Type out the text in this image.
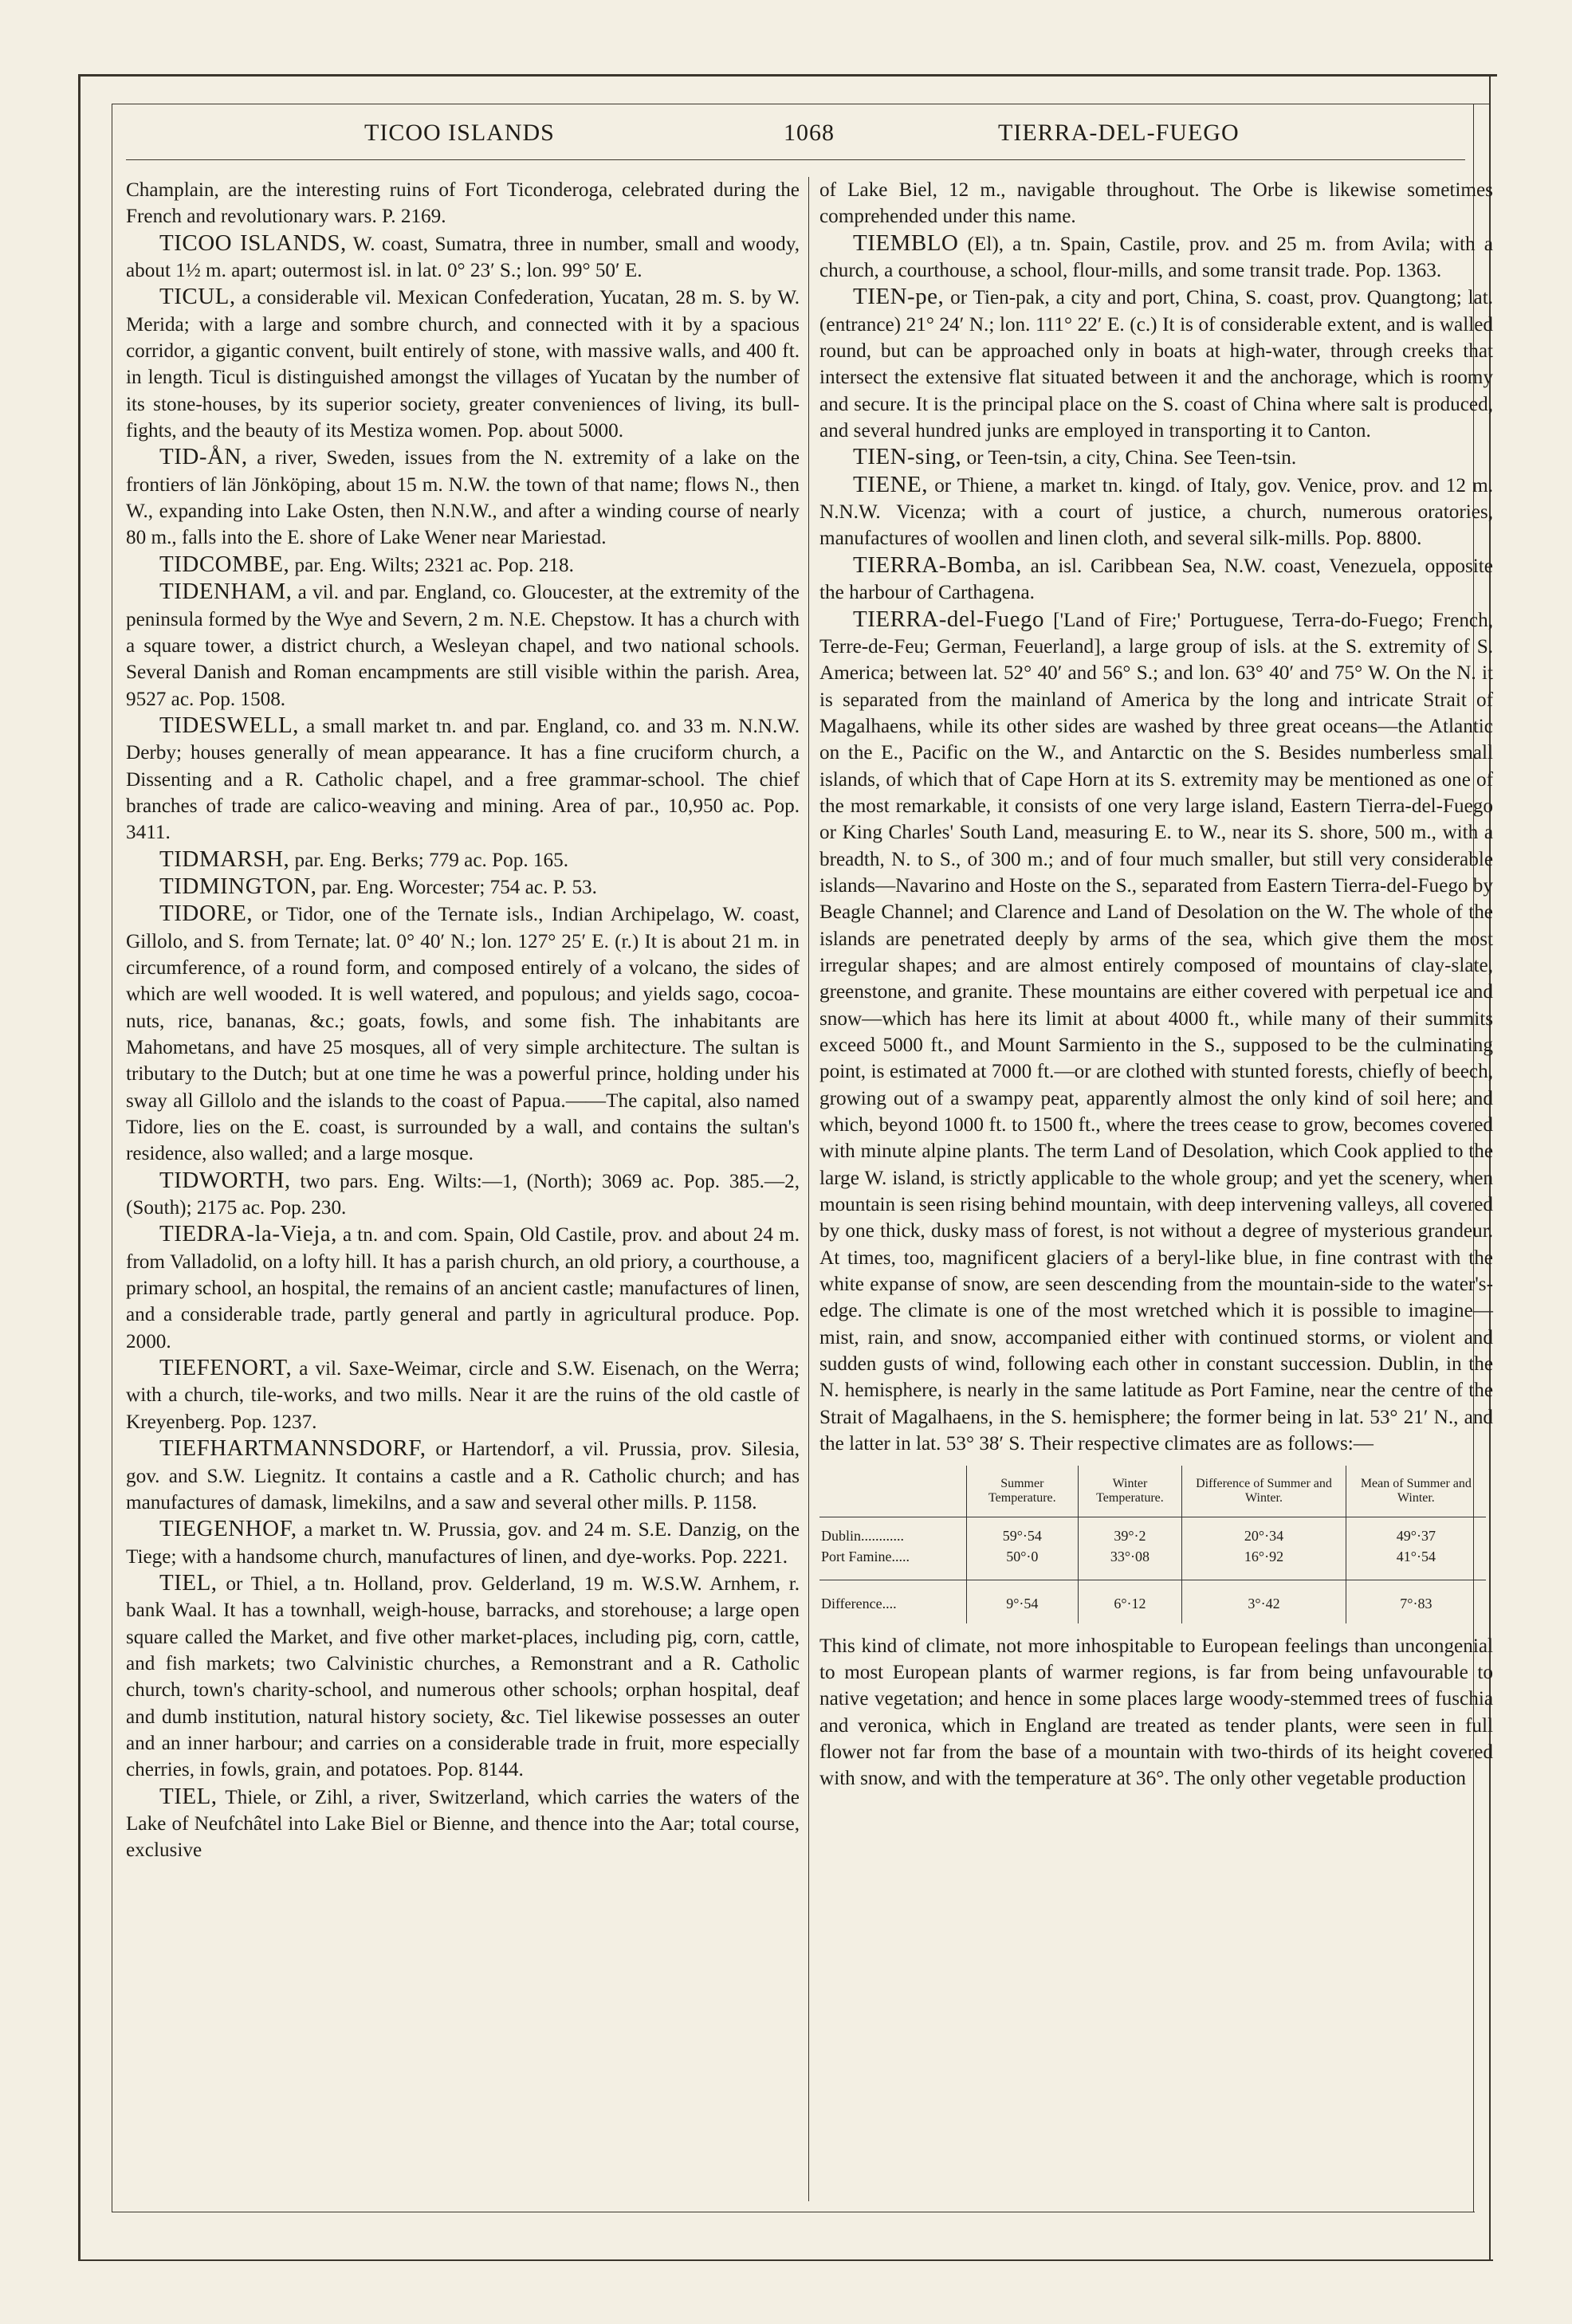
TICOO ISLANDS	1068	TIERRA-DEL-FUEGO

Champlain, are the interesting ruins of Fort Ticonderoga, celebrated during the French and revolutionary wars. P. 2169.

TICOO ISLANDS, W. coast, Sumatra, three in number, small and woody, about 1½ m. apart; outermost isl. in lat. 0° 23′ S.; lon. 99° 50′ E.

TICUL, a considerable vil. Mexican Confederation, Yucatan, 28 m. S. by W. Merida; with a large and sombre church, and connected with it by a spacious corridor, a gigantic convent, built entirely of stone, with massive walls, and 400 ft. in length. Ticul is distinguished amongst the villages of Yucatan by the number of its stone-houses, by its superior society, greater conveniences of living, its bull-fights, and the beauty of its Mestiza women. Pop. about 5000.

TID-ÅN, a river, Sweden, issues from the N. extremity of a lake on the frontiers of län Jönköping, about 15 m. N.W. the town of that name; flows N., then W., expanding into Lake Osten, then N.N.W., and after a winding course of nearly 80 m., falls into the E. shore of Lake Wener near Mariestad.

TIDCOMBE, par. Eng. Wilts; 2321 ac. Pop. 218.

TIDENHAM, a vil. and par. England, co. Gloucester, at the extremity of the peninsula formed by the Wye and Severn, 2 m. N.E. Chepstow. It has a church with a square tower, a district church, a Wesleyan chapel, and two national schools. Several Danish and Roman encampments are still visible within the parish. Area, 9527 ac. Pop. 1508.

TIDESWELL, a small market tn. and par. England, co. and 33 m. N.N.W. Derby; houses generally of mean appearance. It has a fine cruciform church, a Dissenting and a R. Catholic chapel, and a free grammar-school. The chief branches of trade are calico-weaving and mining. Area of par., 10,950 ac. Pop. 3411.

TIDMARSH, par. Eng. Berks; 779 ac. Pop. 165.

TIDMINGTON, par. Eng. Worcester; 754 ac. P. 53.

TIDORE, or Tidor, one of the Ternate isls., Indian Archipelago, W. coast, Gillolo, and S. from Ternate; lat. 0° 40′ N.; lon. 127° 25′ E. (r.) It is about 21 m. in circumference, of a round form, and composed entirely of a volcano, the sides of which are well wooded. It is well watered, and populous; and yields sago, cocoa-nuts, rice, bananas, &c.; goats, fowls, and some fish. The inhabitants are Mahometans, and have 25 mosques, all of very simple architecture. The sultan is tributary to the Dutch; but at one time he was a powerful prince, holding under his sway all Gillolo and the islands to the coast of Papua.——The capital, also named Tidore, lies on the E. coast, is surrounded by a wall, and contains the sultan's residence, also walled; and a large mosque.

TIDWORTH, two pars. Eng. Wilts:—1, (North); 3069 ac. Pop. 385.—2, (South); 2175 ac. Pop. 230.

TIEDRA-la-Vieja, a tn. and com. Spain, Old Castile, prov. and about 24 m. from Valladolid, on a lofty hill. It has a parish church, an old priory, a courthouse, a primary school, an hospital, the remains of an ancient castle; manufactures of linen, and a considerable trade, partly general and partly in agricultural produce. Pop. 2000.

TIEFENORT, a vil. Saxe-Weimar, circle and S.W. Eisenach, on the Werra; with a church, tile-works, and two mills. Near it are the ruins of the old castle of Kreyenberg. Pop. 1237.

TIEFHARTMANNSDORF, or Hartendorf, a vil. Prussia, prov. Silesia, gov. and S.W. Liegnitz. It contains a castle and a R. Catholic church; and has manufactures of damask, limekilns, and a saw and several other mills. P. 1158.

TIEGENHOF, a market tn. W. Prussia, gov. and 24 m. S.E. Danzig, on the Tiege; with a handsome church, manufactures of linen, and dye-works. Pop. 2221.

TIEL, or Thiel, a tn. Holland, prov. Gelderland, 19 m. W.S.W. Arnhem, r. bank Waal. It has a townhall, weigh-house, barracks, and storehouse; a large open square called the Market, and five other market-places, including pig, corn, cattle, and fish markets; two Calvinistic churches, a Remonstrant and a R. Catholic church, town's charity-school, and numerous other schools; orphan hospital, deaf and dumb institution, natural history society, &c. Tiel likewise possesses an outer and an inner harbour; and carries on a considerable trade in fruit, more especially cherries, in fowls, grain, and potatoes. Pop. 8144.

TIEL, Thiele, or Zihl, a river, Switzerland, which carries the waters of the Lake of Neufchâtel into Lake Biel or Bienne, and thence into the Aar; total course, exclusive

of Lake Biel, 12 m., navigable throughout. The Orbe is likewise sometimes comprehended under this name.

TIEMBLO (El), a tn. Spain, Castile, prov. and 25 m. from Avila; with a church, a courthouse, a school, flour-mills, and some transit trade. Pop. 1363.

TIEN-pe, or Tien-pak, a city and port, China, S. coast, prov. Quangtong; lat. (entrance) 21° 24′ N.; lon. 111° 22′ E. (c.) It is of considerable extent, and is walled round, but can be approached only in boats at high-water, through creeks that intersect the extensive flat situated between it and the anchorage, which is roomy and secure. It is the principal place on the S. coast of China where salt is produced, and several hundred junks are employed in transporting it to Canton.

TIEN-sing, or Teen-tsin, a city, China. See Teen-tsin.

TIENE, or Thiene, a market tn. kingd. of Italy, gov. Venice, prov. and 12 m. N.N.W. Vicenza; with a court of justice, a church, numerous oratories, manufactures of woollen and linen cloth, and several silk-mills. Pop. 8800.

TIERRA-Bomba, an isl. Caribbean Sea, N.W. coast, Venezuela, opposite the harbour of Carthagena.

TIERRA-del-Fuego ['Land of Fire;' Portuguese, Terra-do-Fuego; French, Terre-de-Feu; German, Feuerland], a large group of isls. at the S. extremity of S. America; between lat. 52° 40′ and 56° S.; and lon. 63° 40′ and 75° W. On the N. it is separated from the mainland of America by the long and intricate Strait of Magalhaens, while its other sides are washed by three great oceans—the Atlantic on the E., Pacific on the W., and Antarctic on the S. Besides numberless small islands, of which that of Cape Horn at its S. extremity may be mentioned as one of the most remarkable, it consists of one very large island, Eastern Tierra-del-Fuego or King Charles' South Land, measuring E. to W., near its S. shore, 500 m., with a breadth, N. to S., of 300 m.; and of four much smaller, but still very considerable islands—Navarino and Hoste on the S., separated from Eastern Tierra-del-Fuego by Beagle Channel; and Clarence and Land of Desolation on the W. The whole of the islands are penetrated deeply by arms of the sea, which give them the most irregular shapes; and are almost entirely composed of mountains of clay-slate, greenstone, and granite. These mountains are either covered with perpetual ice and snow—which has here its limit at about 4000 ft., while many of their summits exceed 5000 ft., and Mount Sarmiento in the S., supposed to be the culminating point, is estimated at 7000 ft.—or are clothed with stunted forests, chiefly of beech, growing out of a swampy peat, apparently almost the only kind of soil here; and which, beyond 1000 ft. to 1500 ft., where the trees cease to grow, becomes covered with minute alpine plants. The term Land of Desolation, which Cook applied to the large W. island, is strictly applicable to the whole group; and yet the scenery, when mountain is seen rising behind mountain, with deep intervening valleys, all covered by one thick, dusky mass of forest, is not without a degree of mysterious grandeur. At times, too, magnificent glaciers of a beryl-like blue, in fine contrast with the white expanse of snow, are seen descending from the mountain-side to the water's-edge. The climate is one of the most wretched which it is possible to imagine—mist, rain, and snow, accompanied either with continued storms, or violent and sudden gusts of wind, following each other in constant succession. Dublin, in the N. hemisphere, is nearly in the same latitude as Port Famine, near the centre of the Strait of Magalhaens, in the S. hemisphere; the former being in lat. 53° 21′ N., and the latter in lat. 53° 38′ S. Their respective climates are as follows:—

	Summer Temperature.	Winter Temperature.	Difference of Summer and Winter.	Mean of Summer and Winter.
Dublin............	59°·54	39°·2	20°·34	49°·37
Port Famine.....	50°·0	33°·08	16°·92	41°·54
Difference....	9°·54	6°·12	3°·42	7°·83

This kind of climate, not more inhospitable to European feelings than uncongenial to most European plants of warmer regions, is far from being unfavourable to native vegetation; and hence in some places large woody-stemmed trees of fuschia and veronica, which in England are treated as tender plants, were seen in full flower not far from the base of a mountain with two-thirds of its height covered with snow, and with the temperature at 36°. The only other vegetable production
